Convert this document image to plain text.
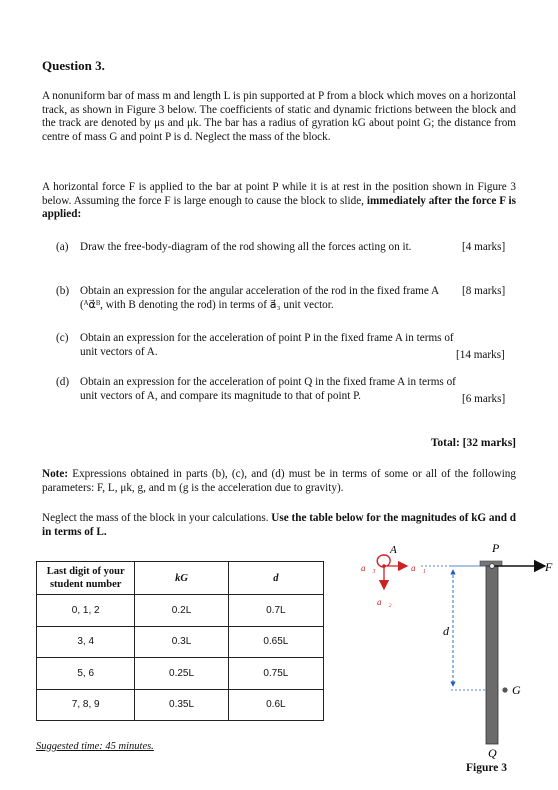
Question 3.
A nonuniform bar of mass m and length L is pin supported at P from a block which moves on a horizontal track, as shown in Figure 3 below. The coefficients of static and dynamic frictions between the block and the track are denoted by μs and μk. The bar has a radius of gyration kG about point G; the distance from centre of mass G and point P is d. Neglect the mass of the block.
A horizontal force F is applied to the bar at point P while it is at rest in the position shown in Figure 3 below. Assuming the force F is large enough to cause the block to slide, immediately after the force F is applied:
(a) Draw the free-body-diagram of the rod showing all the forces acting on it.	[4 marks]
(b) Obtain an expression for the angular acceleration of the rod in the fixed frame A (ᴬα⃗ᴮ, with B denoting the rod) in terms of a⃗₃ unit vector.
[8 marks]
(c) Obtain an expression for the acceleration of point P in the fixed frame A in terms of unit vectors of A.	[14 marks]
(d) Obtain an expression for the acceleration of point Q in the fixed frame A in terms of unit vectors of A, and compare its magnitude to that of point P.	[6 marks]
Total: [32 marks]
Note: Expressions obtained in parts (b), (c), and (d) must be in terms of some or all of the following parameters: F, L, μk, g, and m (g is the acceleration due to gravity).
Neglect the mass of the block in your calculations. Use the table below for the magnitudes of kG and d in terms of L.
Last digit of your student number	kG	d
0, 1, 2	0.2L	0.7L
3, 4	0.3L	0.65L
5, 6	0.25L	0.75L
7, 8, 9	0.35L	0.6L
Suggested time: 45 minutes.
A
a⃗₃	a⃗₁
a⃗₂
P
F
d
G
Q
Figure 3
